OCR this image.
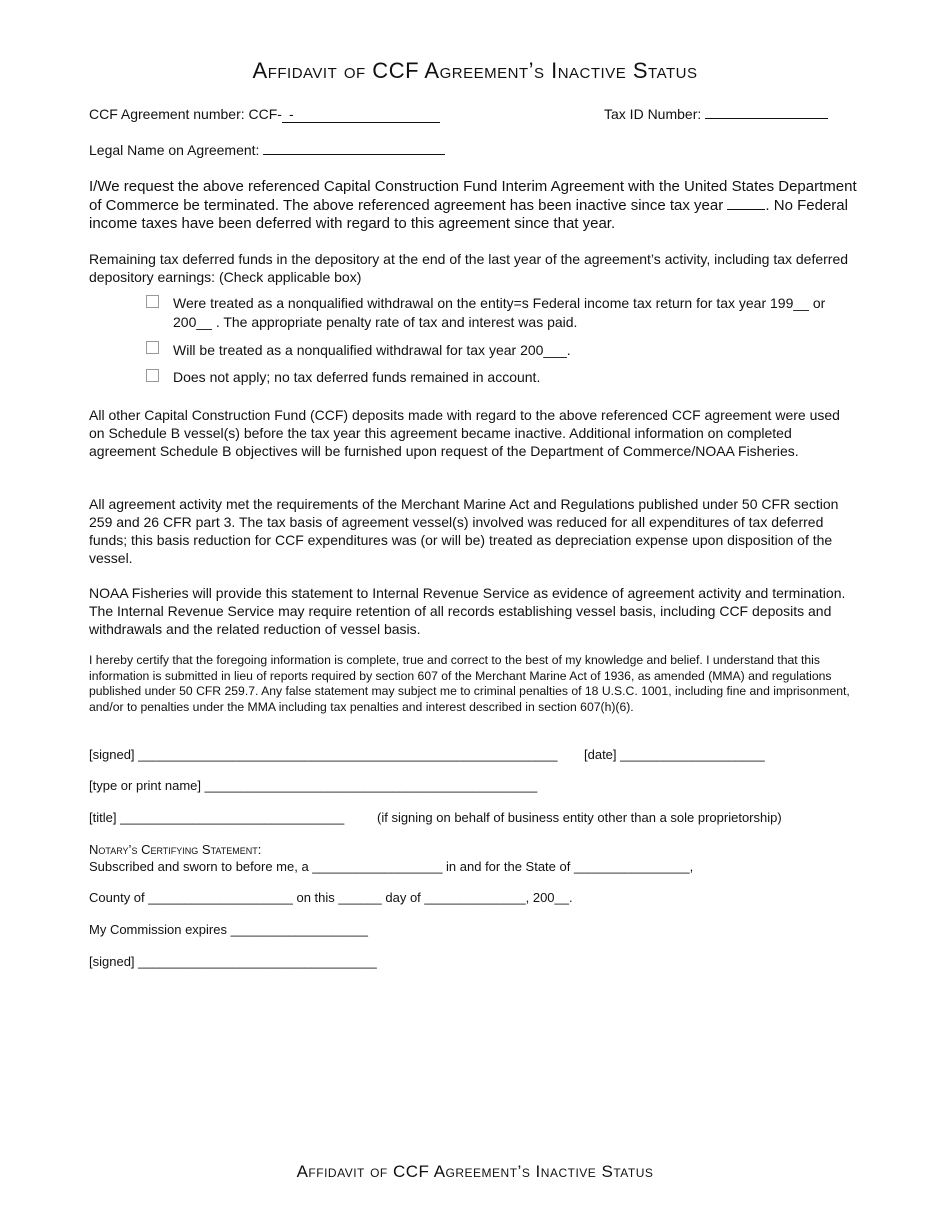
Affidavit of CCF Agreement’s Inactive Status
CCF Agreement number: CCF- -	Tax ID Number:
Legal Name on Agreement:
I/We request the above referenced Capital Construction Fund Interim Agreement with the United States Department of Commerce be terminated. The above referenced agreement has been inactive since tax year	. No Federal income taxes have been deferred with regard to this agreement since that year.
Remaining tax deferred funds in the depository at the end of the last year of the agreement’s activity, including tax deferred depository earnings: (Check applicable box)
Were treated as a nonqualified withdrawal on the entity=s Federal income tax return for tax year 199__ or 200__ . The appropriate penalty rate of tax and interest was paid.
Will be treated as a nonqualified withdrawal for tax year 200___.
Does not apply; no tax deferred funds remained in account.
All other Capital Construction Fund (CCF) deposits made with regard to the above referenced CCF agreement were used on Schedule B vessel(s) before the tax year this agreement became inactive. Additional information on completed agreement Schedule B objectives will be furnished upon request of the Department of Commerce/NOAA Fisheries.
All agreement activity met the requirements of the Merchant Marine Act and Regulations published under 50 CFR section 259 and 26 CFR part 3. The tax basis of agreement vessel(s) involved was reduced for all expenditures of tax deferred funds; this basis reduction for CCF expenditures was (or will be) treated as depreciation expense upon disposition of the vessel.
NOAA Fisheries will provide this statement to Internal Revenue Service as evidence of agreement activity and termination. The Internal Revenue Service may require retention of all records establishing vessel basis, including CCF deposits and withdrawals and the related reduction of vessel basis.
I hereby certify that the foregoing information is complete, true and correct to the best of my knowledge and belief. I understand that this information is submitted in lieu of reports required by section 607 of the Merchant Marine Act of 1936, as amended (MMA) and regulations published under 50 CFR 259.7. Any false statement may subject me to criminal penalties of 18 U.S.C. 1001, including fine and imprisonment, and/or to penalties under the MMA including tax penalties and interest described in section 607(h)(6).
[signed] __________________________________________________________ [date] ____________________
[type or print name] ______________________________________________
[title] _______________________________	(if signing on behalf of business entity other than a sole proprietorship)
Notary’s Certifying Statement:
Subscribed and sworn to before me, a __________________ in and for the State of ________________,
County of ____________________ on this ______ day of ______________, 200__.
My Commission expires ___________________
[signed] _________________________________
Affidavit of CCF Agreement’s Inactive Status
